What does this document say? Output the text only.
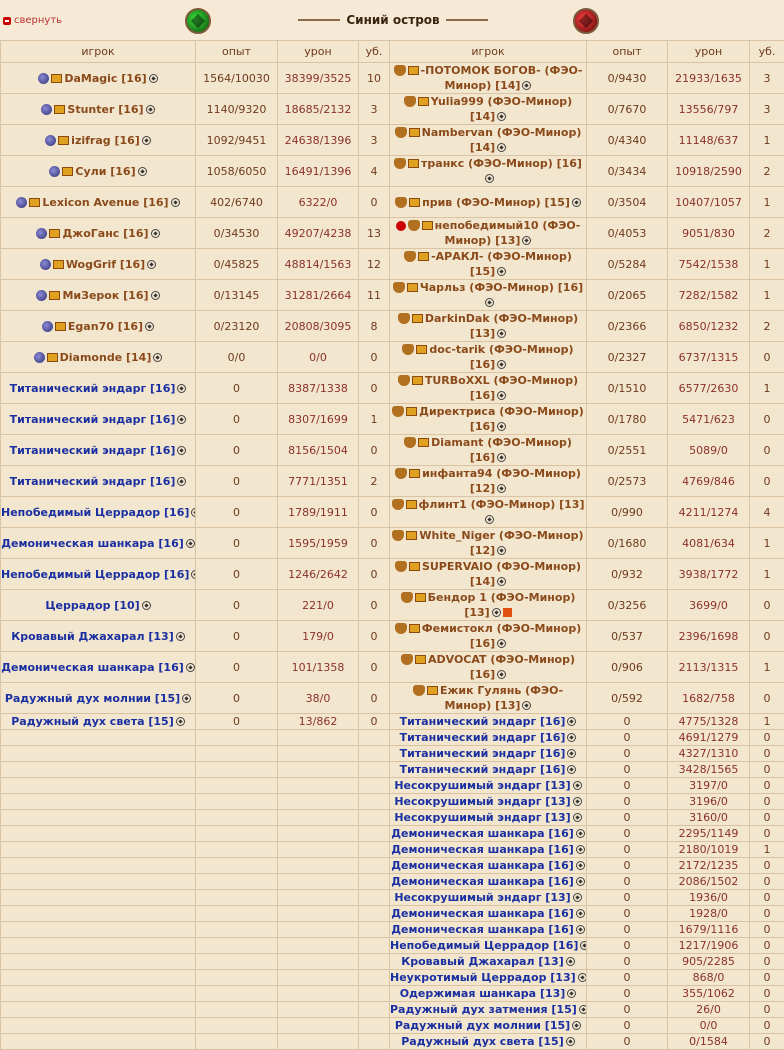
свернуть	Синий остров
игрок	опыт	урон	уб.	игрок	опыт	урон	уб.
DaMagic [16]	1564/10030	38399/3525	10	-ПОТОМОК БОГОВ- (ФЭО-Минор) [14]	0/9430	21933/1635	3
Stunter [16]	1140/9320	18685/2132	3	Yulia999 (ФЭО-Минор) [14]	0/7670	13556/797	3
izifrag [16]	1092/9451	24638/1396	3	Nambervan (ФЭО-Минор) [14]	0/4340	11148/637	1
Сули [16]	1058/6050	16491/1396	4	транкс (ФЭО-Минор) [16]	0/3434	10918/2590	2
Lexicon Avenue [16]	402/6740	6322/0	0	прив (ФЭО-Минор) [15]	0/3504	10407/1057	1
ДжоГанс [16]	0/34530	49207/4238	13	непобедимый10 (ФЭО-Минор) [13]	0/4053	9051/830	2
WogGrif [16]	0/45825	48814/1563	12	-АРАКЛ- (ФЭО-Минор) [15]	0/5284	7542/1538	1
МиЗерок [16]	0/13145	31281/2664	11	Чарльз (ФЭО-Минор) [16]	0/2065	7282/1582	1
Egan70 [16]	0/23120	20808/3095	8	DarkinDak (ФЭО-Минор) [13]	0/2366	6850/1232	2
Diamonde [14]	0/0	0/0	0	doc-tarik (ФЭО-Минор) [16]	0/2327	6737/1315	0
Титанический эндарг [16]	0	8387/1338	0	TURBoXXL (ФЭО-Минор) [16]	0/1510	6577/2630	1
Титанический эндарг [16]	0	8307/1699	1	Директриса (ФЭО-Минор) [16]	0/1780	5471/623	0
Титанический эндарг [16]	0	8156/1504	0	Diamant (ФЭО-Минор) [16]	0/2551	5089/0	0
Титанический эндарг [16]	0	7771/1351	2	инфанта94 (ФЭО-Минор) [12]	0/2573	4769/846	0
Непобедимый Церрадор [16]	0	1789/1911	0	флинт1 (ФЭО-Минор) [13]	0/990	4211/1274	4
Демоническая шанкара [16]	0	1595/1959	0	White_Niger (ФЭО-Минор) [12]	0/1680	4081/634	1
Непобедимый Церрадор [16]	0	1246/2642	0	SUPERVAIO (ФЭО-Минор) [14]	0/932	3938/1772	1
Церрадор [10]	0	221/0	0	Бендор 1 (ФЭО-Минор) [13]	0/3256	3699/0	0
Кровавый Джахарал [13]	0	179/0	0	Фемистокл (ФЭО-Минор) [16]	0/537	2396/1698	0
Демоническая шанкара [16]	0	101/1358	0	ADVOCAT (ФЭО-Минор) [16]	0/906	2113/1315	1
Радужный дух молнии [15]	0	38/0	0	Ежик Гулянь (ФЭО-Минор) [13]	0/592	1682/758	0
Радужный дух света [15]	0	13/862	0	Титанический эндарг [16]	0	4775/1328	1
				Титанический эндарг [16]	0	4691/1279	0
				Титанический эндарг [16]	0	4327/1310	0
				Титанический эндарг [16]	0	3428/1565	0
				Несокрушимый эндарг [13]	0	3197/0	0
				Несокрушимый эндарг [13]	0	3196/0	0
				Несокрушимый эндарг [13]	0	3160/0	0
				Демоническая шанкара [16]	0	2295/1149	0
				Демоническая шанкара [16]	0	2180/1019	1
				Демоническая шанкара [16]	0	2172/1235	0
				Демоническая шанкара [16]	0	2086/1502	0
				Несокрушимый эндарг [13]	0	1936/0	0
				Демоническая шанкара [16]	0	1928/0	0
				Демоническая шанкара [16]	0	1679/1116	0
				Непобедимый Церрадор [16]	0	1217/1906	0
				Кровавый Джахарал [13]	0	905/2285	0
				Неукротимый Церрадор [13]	0	868/0	0
				Одержимая шанкара [13]	0	355/1062	0
				Радужный дух затмения [15]	0	26/0	0
				Радужный дух молнии [15]	0	0/0	0
				Радужный дух света [15]	0	0/1584	0
